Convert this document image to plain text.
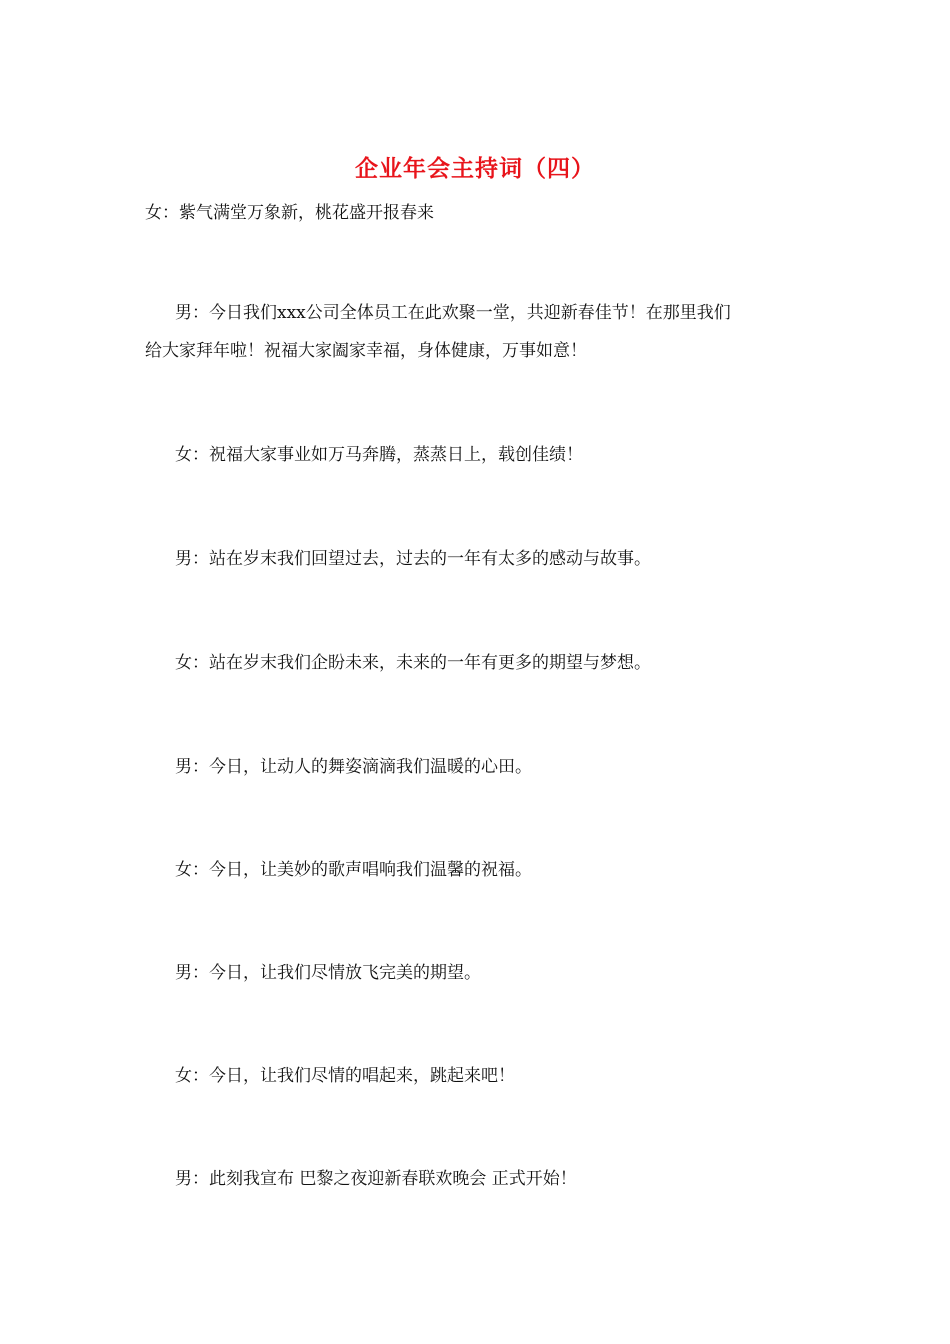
企业年会主持词（四）
女：紫气满堂万象新，桃花盛开报春来
男：今日我们xxx公司全体员工在此欢聚一堂，共迎新春佳节！在那里我们
给大家拜年啦！祝福大家阖家幸福，身体健康，万事如意！
女：祝福大家事业如万马奔腾，蒸蒸日上，载创佳绩！
男：站在岁末我们回望过去，过去的一年有太多的感动与故事。
女：站在岁末我们企盼未来，未来的一年有更多的期望与梦想。
男：今日，让动人的舞姿滴滴我们温暖的心田。
女：今日，让美妙的歌声唱响我们温馨的祝福。
男：今日，让我们尽情放飞完美的期望。
女：今日，让我们尽情的唱起来，跳起来吧！
男：此刻我宣布 巴黎之夜迎新春联欢晚会 正式开始！
